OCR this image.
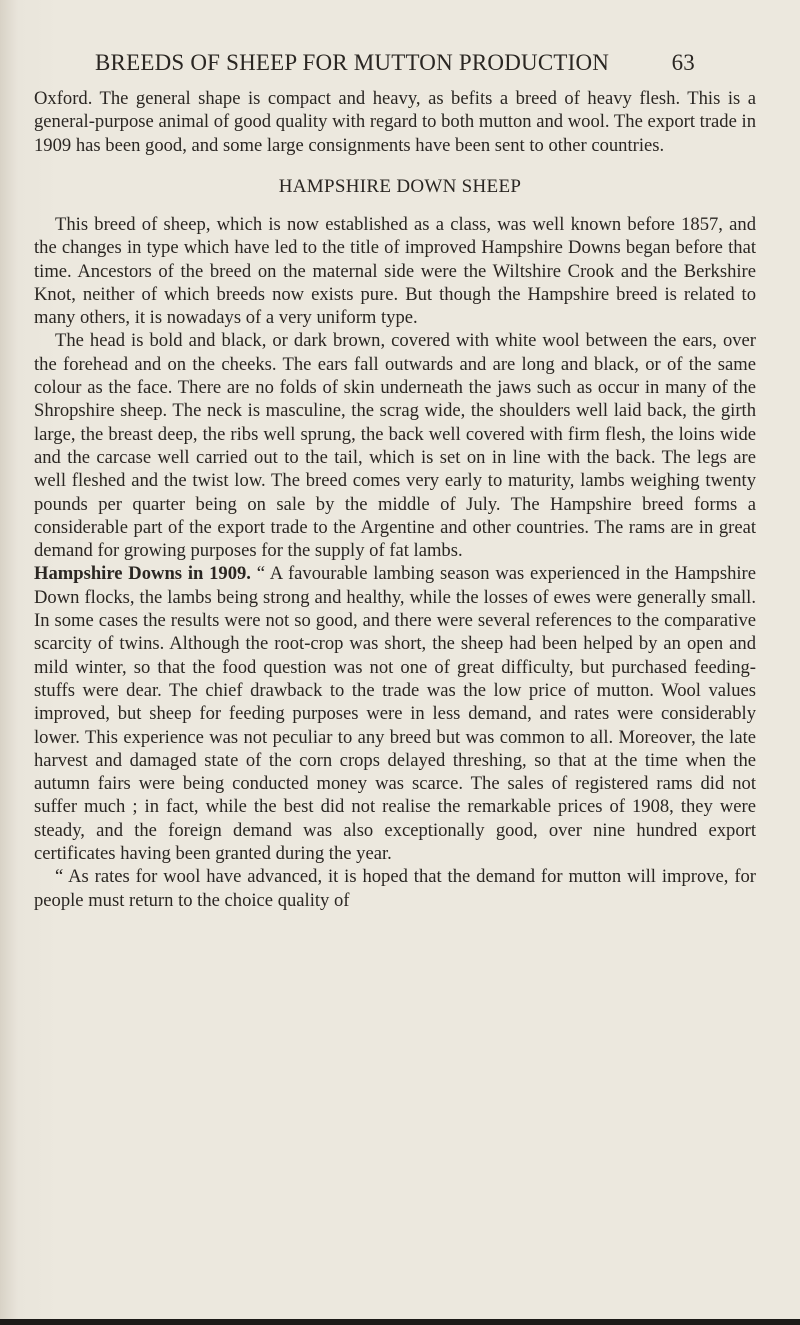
BREEDS OF SHEEP FOR MUTTON PRODUCTION	63

Oxford. The general shape is compact and heavy, as befits a breed of heavy flesh. This is a general-purpose animal of good quality with regard to both mutton and wool. The export trade in 1909 has been good, and some large consignments have been sent to other countries.

HAMPSHIRE DOWN SHEEP

This breed of sheep, which is now established as a class, was well known before 1857, and the changes in type which have led to the title of improved Hampshire Downs began before that time. Ancestors of the breed on the maternal side were the Wiltshire Crook and the Berkshire Knot, neither of which breeds now exists pure. But though the Hampshire breed is related to many others, it is nowadays of a very uniform type.

The head is bold and black, or dark brown, covered with white wool between the ears, over the forehead and on the cheeks. The ears fall outwards and are long and black, or of the same colour as the face. There are no folds of skin underneath the jaws such as occur in many of the Shropshire sheep. The neck is masculine, the scrag wide, the shoulders well laid back, the girth large, the breast deep, the ribs well sprung, the back well covered with firm flesh, the loins wide and the carcase well carried out to the tail, which is set on in line with the back. The legs are well fleshed and the twist low. The breed comes very early to maturity, lambs weighing twenty pounds per quarter being on sale by the middle of July. The Hampshire breed forms a considerable part of the export trade to the Argentine and other countries. The rams are in great demand for growing purposes for the supply of fat lambs.

Hampshire Downs in 1909. “ A favourable lambing season was experienced in the Hampshire Down flocks, the lambs being strong and healthy, while the losses of ewes were generally small. In some cases the results were not so good, and there were several references to the comparative scarcity of twins. Although the root-crop was short, the sheep had been helped by an open and mild winter, so that the food question was not one of great difficulty, but purchased feeding-stuffs were dear. The chief drawback to the trade was the low price of mutton. Wool values improved, but sheep for feeding purposes were in less demand, and rates were considerably lower. This experience was not peculiar to any breed but was common to all. Moreover, the late harvest and damaged state of the corn crops delayed threshing, so that at the time when the autumn fairs were being conducted money was scarce. The sales of registered rams did not suffer much ; in fact, while the best did not realise the remarkable prices of 1908, they were steady, and the foreign demand was also exceptionally good, over nine hundred export certificates having been granted during the year.

“ As rates for wool have advanced, it is hoped that the demand for mutton will improve, for people must return to the choice quality of
